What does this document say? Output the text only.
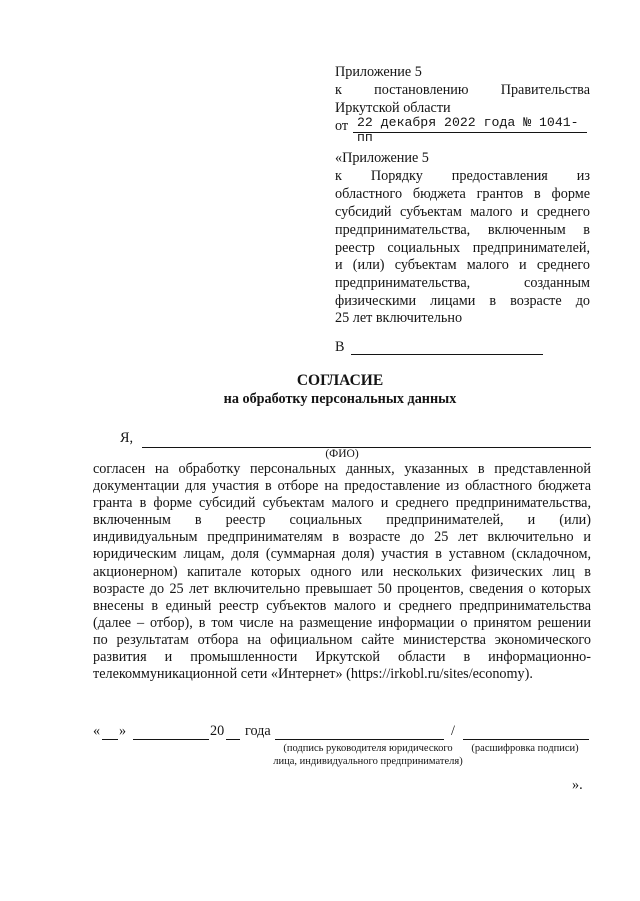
Приложение 5
к постановлению Правительства
Иркутской области
от 22 декабря 2022 года № 1041-пп
«Приложение 5
к Порядку предоставления из
областного бюджета грантов в форме
субсидий субъектам малого и среднего
предпринимательства, включенным в
реестр социальных предпринимателей,
и (или) субъектам малого и среднего
предпринимательства, созданным
физическими лицами в возрасте до
25 лет включительно
В
СОГЛАСИЕ
на обработку персональных данных
Я,
(ФИО)
согласен на обработку персональных данных, указанных в представленной
документации для участия в отборе на предоставление из областного бюджета
гранта в форме субсидий субъектам малого и среднего предпринимательства,
включенным в реестр социальных предпринимателей, и (или)
индивидуальным предпринимателям в возрасте до 25 лет включительно и
юридическим лицам, доля (суммарная доля) участия в уставном (складочном,
акционерном) капитале которых одного или нескольких физических лиц в
возрасте до 25 лет включительно превышает 50 процентов, сведения о которых
внесены в единый реестр субъектов малого и среднего предпринимательства
(далее – отбор), в том числе на размещение информации о принятом решении
по результатам отбора на официальном сайте министерства экономического
развития и промышленности Иркутской области в информационно-
телекоммуникационной сети «Интернет» (https://irkobl.ru/sites/economy).
« »	20 года	/
(подпись руководителя юридического лица, индивидуального предпринимателя)
(расшифровка подписи)
».
